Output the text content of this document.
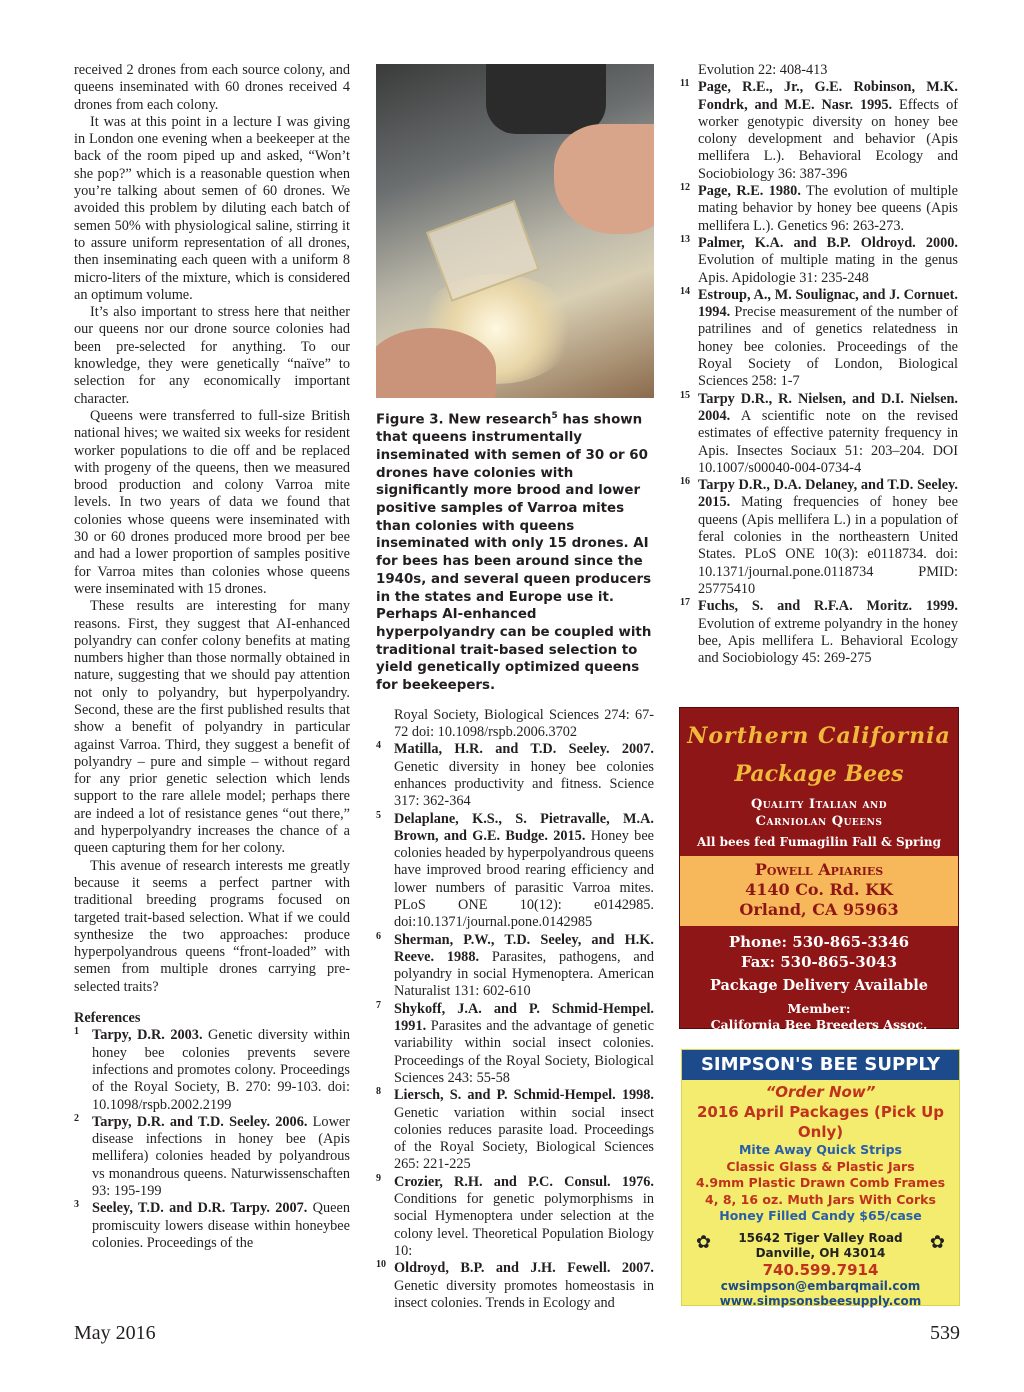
received 2 drones from each source colony, and queens inseminated with 60 drones received 4 drones from each colony.

It was at this point in a lecture I was giving in London one evening when a beekeeper at the back of the room piped up and asked, “Won’t she pop?” which is a reasonable question when you’re talking about semen of 60 drones. We avoided this problem by diluting each batch of semen 50% with physiological saline, stirring it to assure uniform representation of all drones, then inseminating each queen with a uniform 8 micro-liters of the mixture, which is considered an optimum volume.

It’s also important to stress here that neither our queens nor our drone source colonies had been pre-selected for anything. To our knowledge, they were genetically “naïve” to selection for any economically important character.

Queens were transferred to full-size British national hives; we waited six weeks for resident worker populations to die off and be replaced with progeny of the queens, then we measured brood production and colony Varroa mite levels. In two years of data we found that colonies whose queens were inseminated with 30 or 60 drones produced more brood per bee and had a lower proportion of samples positive for Varroa mites than colonies whose queens were inseminated with 15 drones.

These results are interesting for many reasons. First, they suggest that AI-enhanced polyandry can confer colony benefits at mating numbers higher than those normally obtained in nature, suggesting that we should pay attention not only to polyandry, but hyperpolyandry. Second, these are the first published results that show a benefit of polyandry in particular against Varroa. Third, they suggest a benefit of polyandry – pure and simple – without regard for any prior genetic selection which lends support to the rare allele model; perhaps there are indeed a lot of resistance genes “out there,” and hyperpolyandry increases the chance of a queen capturing them for her colony.

This avenue of research interests me greatly because it seems a perfect partner with traditional breeding programs focused on targeted trait-based selection. What if we could synthesize the two approaches: produce hyperpolyandrous queens “front-loaded” with semen from multiple drones carrying pre-selected traits?

References

1 Tarpy, D.R. 2003. Genetic diversity within honey bee colonies prevents severe infections and promotes colony. Proceedings of the Royal Society, B. 270: 99-103. doi: 10.1098/rspb.2002.2199

2 Tarpy, D.R. and T.D. Seeley. 2006. Lower disease infections in honey bee (Apis mellifera) colonies headed by polyandrous vs monandrous queens. Naturwissenschaften 93: 195-199

3 Seeley, T.D. and D.R. Tarpy. 2007. Queen promiscuity lowers disease within honeybee colonies. Proceedings of the

Figure 3. New research$^5$ has shown that queens instrumentally inseminated with semen of 30 or 60 drones have colonies with significantly more brood and lower positive samples of Varroa mites than colonies with queens inseminated with only 15 drones. AI for bees has been around since the 1940s, and several queen producers in the states and Europe use it. Perhaps AI-enhanced hyperpolyandry can be coupled with traditional trait-based selection to yield genetically optimized queens for beekeepers.

Royal Society, Biological Sciences 274: 67-72 doi: 10.1098/rspb.2006.3702

4 Matilla, H.R. and T.D. Seeley. 2007. Genetic diversity in honey bee colonies enhances productivity and fitness. Science 317: 362-364

5 Delaplane, K.S., S. Pietravalle, M.A. Brown, and G.E. Budge. 2015. Honey bee colonies headed by hyperpolyandrous queens have improved brood rearing efficiency and lower numbers of parasitic Varroa mites. PLoS ONE 10(12): e0142985. doi:10.1371/journal.pone.0142985

6 Sherman, P.W., T.D. Seeley, and H.K. Reeve. 1988. Parasites, pathogens, and polyandry in social Hymenoptera. American Naturalist 131: 602-610

7 Shykoff, J.A. and P. Schmid-Hempel. 1991. Parasites and the advantage of genetic variability within social insect colonies. Proceedings of the Royal Society, Biological Sciences 243: 55-58

8 Liersch, S. and P. Schmid-Hempel. 1998. Genetic variation within social insect colonies reduces parasite load. Proceedings of the Royal Society, Biological Sciences 265: 221-225

9 Crozier, R.H. and P.C. Consul. 1976. Conditions for genetic polymorphisms in social Hymenoptera under selection at the colony level. Theoretical Population Biology 10:

10 Oldroyd, B.P. and J.H. Fewell. 2007. Genetic diversity promotes homeostasis in insect colonies. Trends in Ecology and

Evolution 22: 408-413

11 Page, R.E., Jr., G.E. Robinson, M.K. Fondrk, and M.E. Nasr. 1995. Effects of worker genotypic diversity on honey bee colony development and behavior (Apis mellifera L.). Behavioral Ecology and Sociobiology 36: 387-396

12 Page, R.E. 1980. The evolution of multiple mating behavior by honey bee queens (Apis mellifera L.). Genetics 96: 263-273.

13 Palmer, K.A. and B.P. Oldroyd. 2000. Evolution of multiple mating in the genus Apis. Apidologie 31: 235-248

14 Estroup, A., M. Soulignac, and J. Cornuet. 1994. Precise measurement of the number of patrilines and of genetics relatedness in honey bee colonies. Proceedings of the Royal Society of London, Biological Sciences 258: 1-7

15 Tarpy D.R., R. Nielsen, and D.I. Nielsen. 2004. A scientific note on the revised estimates of effective paternity frequency in Apis. Insectes Sociaux 51: 203–204. DOI 10.1007/s00040-004-0734-4

16 Tarpy D.R., D.A. Delaney, and T.D. Seeley. 2015. Mating frequencies of honey bee queens (Apis mellifera L.) in a population of feral colonies in the northeastern United States. PLoS ONE 10(3): e0118734. doi: 10.1371/journal.pone.0118734 PMID: 25775410

17 Fuchs, S. and R.F.A. Moritz. 1999. Evolution of extreme polyandry in the honey bee, Apis mellifera L. Behavioral Ecology and Sociobiology 45: 269-275

Northern California
Package Bees
Quality Italian and
Carniolan Queens
All bees fed Fumagilin Fall & Spring
Powell Apiaries
4140 Co. Rd. KK
Orland, CA 95963
Phone: 530-865-3346
Fax: 530-865-3043
Package Delivery Available
Member:
California Bee Breeders Assoc.
American Honey Producers Assoc.
SIMPSON'S BEE SUPPLY
“Order Now”
2016 April Packages (Pick Up Only)
Mite Away Quick Strips
Classic Glass & Plastic Jars
4.9mm Plastic Drawn Comb Frames
4, 8, 16 oz. Muth Jars With Corks
Honey Filled Candy $65/case
✿	✿
15642 Tiger Valley Road
Danville, OH 43014
740.599.7914
cwsimpson@embarqmail.com
www.simpsonsbeesupply.com
May 2016	539
